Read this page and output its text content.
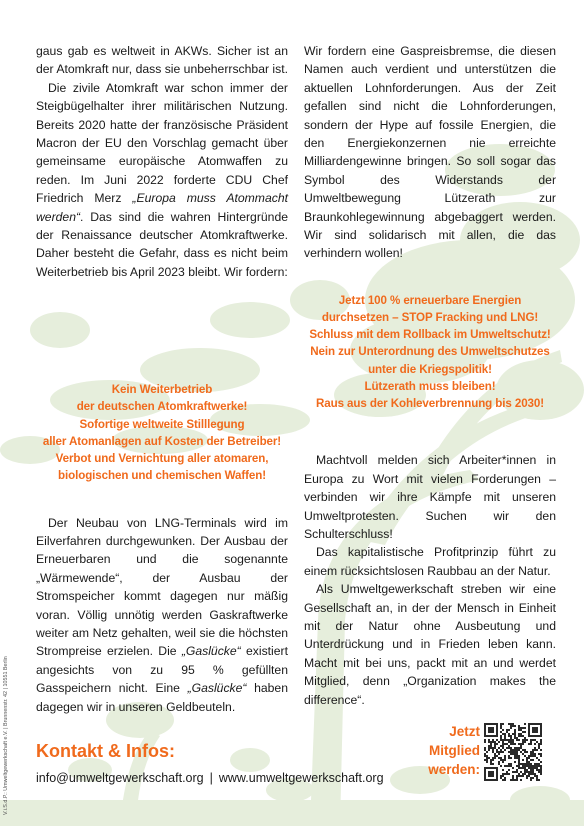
gaus gab es weltweit in AKWs. Sicher ist an der Atomkraft nur, dass sie unbeherrschbar ist.

Die zivile Atomkraft war schon immer der Steigbügelhalter ihrer militärischen Nutzung. Bereits 2020 hatte der französische Präsident Macron der EU den Vorschlag gemacht über gemeinsame europäische Atomwaffen zu reden. Im Juni 2022 forderte CDU Chef Friedrich Merz „Europa muss Atommacht werden“. Das sind die wahren Hintergründe der Renaissance deutscher Atomkraftwerke. Daher besteht die Gefahr, dass es nicht beim Weiterbetrieb bis April 2023 bleibt. Wir fordern:

Kein Weiterbetrieb
der deutschen Atomkraftwerke!
Sofortige weltweite Stilllegung
aller Atomanlagen auf Kosten der Betreiber!
Verbot und Vernichtung aller atomaren,
biologischen und chemischen Waffen!

Der Neubau von LNG-Terminals wird im Eilverfahren durchgewunken. Der Ausbau der Erneuerbaren und die sogenannte „Wärmewende“, der Ausbau der Stromspeicher kommt dagegen nur mäßig voran. Völlig unnötig werden Gaskraftwerke weiter am Netz gehalten, weil sie die höchsten Strompreise erzielen. Die „Gaslücke“ existiert angesichts von zu 95 % gefüllten Gasspeichern nicht. Eine „Gaslücke“ haben dagegen wir in unseren Geldbeuteln.

Wir fordern eine Gaspreisbremse, die diesen Namen auch verdient und unterstützen die aktuellen Lohnforderungen. Aus der Zeit gefallen sind nicht die Lohnforderungen, sondern der Hype auf fossile Energien, die den Energiekonzernen nie erreichte Milliardengewinne bringen. So soll sogar das Symbol des Widerstands der Umweltbewegung Lützerath zur Braunkohlegewinnung abgebaggert werden. Wir sind solidarisch mit allen, die das verhindern wollen!

Jetzt 100 % erneuerbare Energien
durchsetzen – STOP Fracking und LNG!
Schluss mit dem Rollback im Umweltschutz!
Nein zur Unterordnung des Umweltschutzes
unter die Kriegspolitik!
Lützerath muss bleiben!
Raus aus der Kohleverbrennung bis 2030!

Machtvoll melden sich Arbeiter*innen in Europa zu Wort mit vielen Forderungen – verbinden wir ihre Kämpfe mit unseren Umweltprotesten. Suchen wir den Schulterschluss!

Das kapitalistische Profitprinzip führt zu einem rücksichtslosen Raubbau an der Natur.

Als Umweltgewerkschaft streben wir eine Gesellschaft an, in der der Mensch in Einheit mit der Natur ohne Ausbeutung und Unterdrückung und in Frieden leben kann. Macht mit bei uns, packt mit an und werdet Mitglied, denn „Organization makes the difference“.

V.i.S.d.P.: Umweltgewerkschaft e.V. | Brunnenstr. 42 | 10551 Berlin Kontakt & Infos:
info@umweltgewerkschaft.org | www.umweltgewerkschaft.org
Jetzt
Mitglied
werden:
